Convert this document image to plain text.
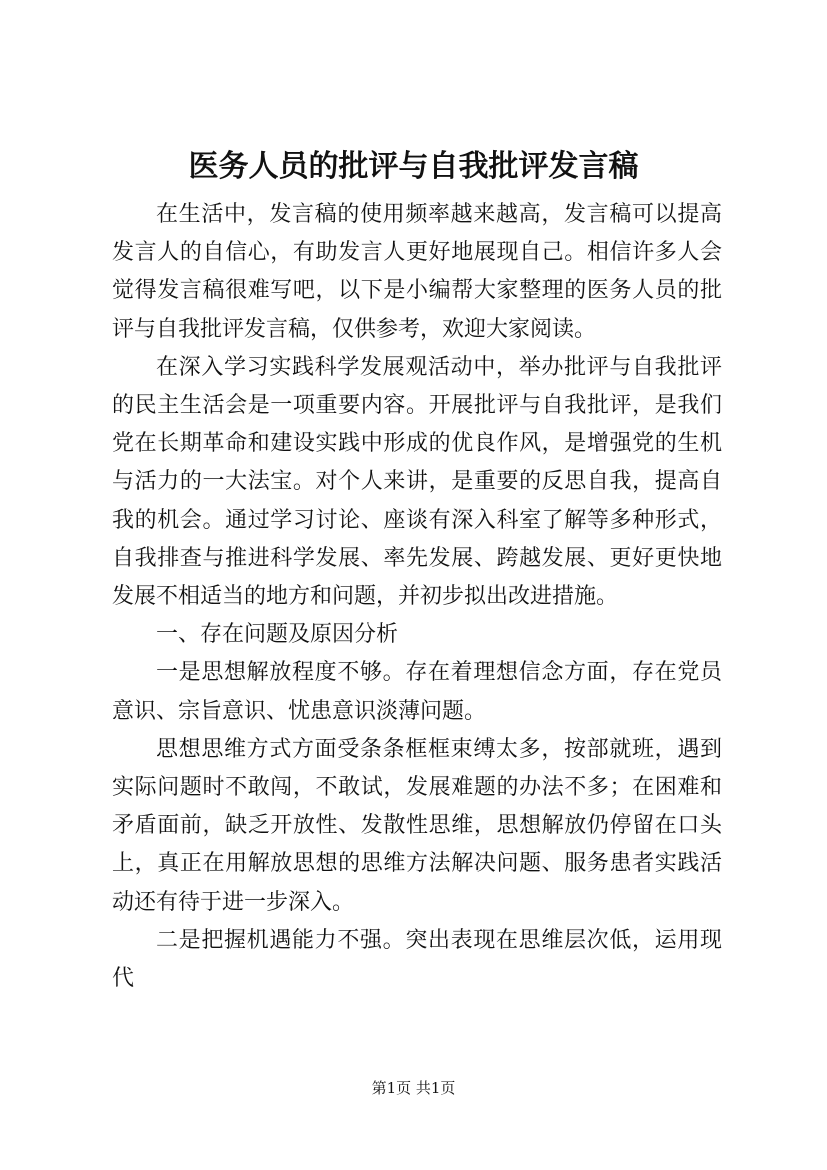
医务人员的批评与自我批评发言稿

在生活中，发言稿的使用频率越来越高，发言稿可以提高发言人的自信心，有助发言人更好地展现自己。相信许多人会觉得发言稿很难写吧，以下是小编帮大家整理的医务人员的批评与自我批评发言稿，仅供参考，欢迎大家阅读。

在深入学习实践科学发展观活动中，举办批评与自我批评的民主生活会是一项重要内容。开展批评与自我批评，是我们党在长期革命和建设实践中形成的优良作风，是增强党的生机与活力的一大法宝。对个人来讲，是重要的反思自我，提高自我的机会。通过学习讨论、座谈有深入科室了解等多种形式，自我排查与推进科学发展、率先发展、跨越发展、更好更快地发展不相适当的地方和问题，并初步拟出改进措施。

一、存在问题及原因分析

一是思想解放程度不够。存在着理想信念方面，存在党员意识、宗旨意识、忧患意识淡薄问题。

思想思维方式方面受条条框框束缚太多，按部就班，遇到实际问题时不敢闯，不敢试，发展难题的办法不多；在困难和矛盾面前，缺乏开放性、发散性思维，思想解放仍停留在口头上，真正在用解放思想的思维方法解决问题、服务患者实践活动还有待于进一步深入。

二是把握机遇能力不强。突出表现在思维层次低，运用现代

第1页 共1页
